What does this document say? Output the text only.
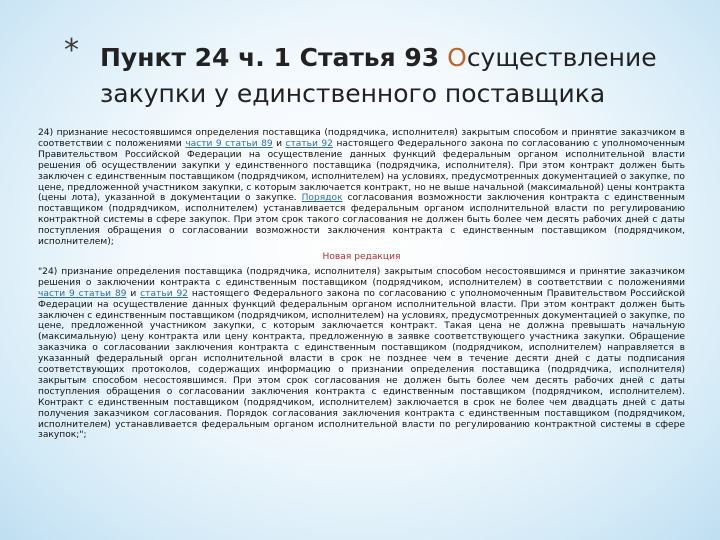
* Пункт 24 ч. 1 Статья 93 Осуществление
закупки у единственного поставщика

24) признание несостоявшимся определения поставщика (подрядчика, исполнителя) закрытым способом и принятие заказчиком в соответствии с положениями части 9 статьи 89 и статьи 92 настоящего Федерального закона по согласованию с уполномоченным Правительством Российской Федерации на осуществление данных функций федеральным органом исполнительной власти решения об осуществлении закупки у единственного поставщика (подрядчика, исполнителя). При этом контракт должен быть заключен с единственным поставщиком (подрядчиком, исполнителем) на условиях, предусмотренных документацией о закупке, по цене, предложенной участником закупки, с которым заключается контракт, но не выше начальной (максимальной) цены контракта (цены лота), указанной в документации о закупке. Порядок согласования возможности заключения контракта с единственным поставщиком (подрядчиком, исполнителем) устанавливается федеральным органом исполнительной власти по регулированию контрактной системы в сфере закупок. При этом срок такого согласования не должен быть более чем десять рабочих дней с даты поступления обращения о согласовании возможности заключения контракта с единственным поставщиком (подрядчиком, исполнителем);

Новая редакция

"24) признание определения поставщика (подрядчика, исполнителя) закрытым способом несостоявшимся и принятие заказчиком решения о заключении контракта с единственным поставщиком (подрядчиком, исполнителем) в соответствии с положениями части 9 статьи 89 и статьи 92 настоящего Федерального закона по согласованию с уполномоченным Правительством Российской Федерации на осуществление данных функций федеральным органом исполнительной власти. При этом контракт должен быть заключен с единственным поставщиком (подрядчиком, исполнителем) на условиях, предусмотренных документацией о закупке, по цене, предложенной участником закупки, с которым заключается контракт. Такая цена не должна превышать начальную (максимальную) цену контракта или цену контракта, предложенную в заявке соответствующего участника закупки. Обращение заказчика о согласовании заключения контракта с единственным поставщиком (подрядчиком, исполнителем) направляется в указанный федеральный орган исполнительной власти в срок не позднее чем в течение десяти дней с даты подписания соответствующих протоколов, содержащих информацию о признании определения поставщика (подрядчика, исполнителя) закрытым способом несостоявшимся. При этом срок согласования не должен быть более чем десять рабочих дней с даты поступления обращения о согласовании заключения контракта с единственным поставщиком (подрядчиком, исполнителем). Контракт с единственным поставщиком (подрядчиком, исполнителем) заключается в срок не более чем двадцать дней с даты получения заказчиком согласования. Порядок согласования заключения контракта с единственным поставщиком (подрядчиком, исполнителем) устанавливается федеральным органом исполнительной власти по регулированию контрактной системы в сфере закупок;";
